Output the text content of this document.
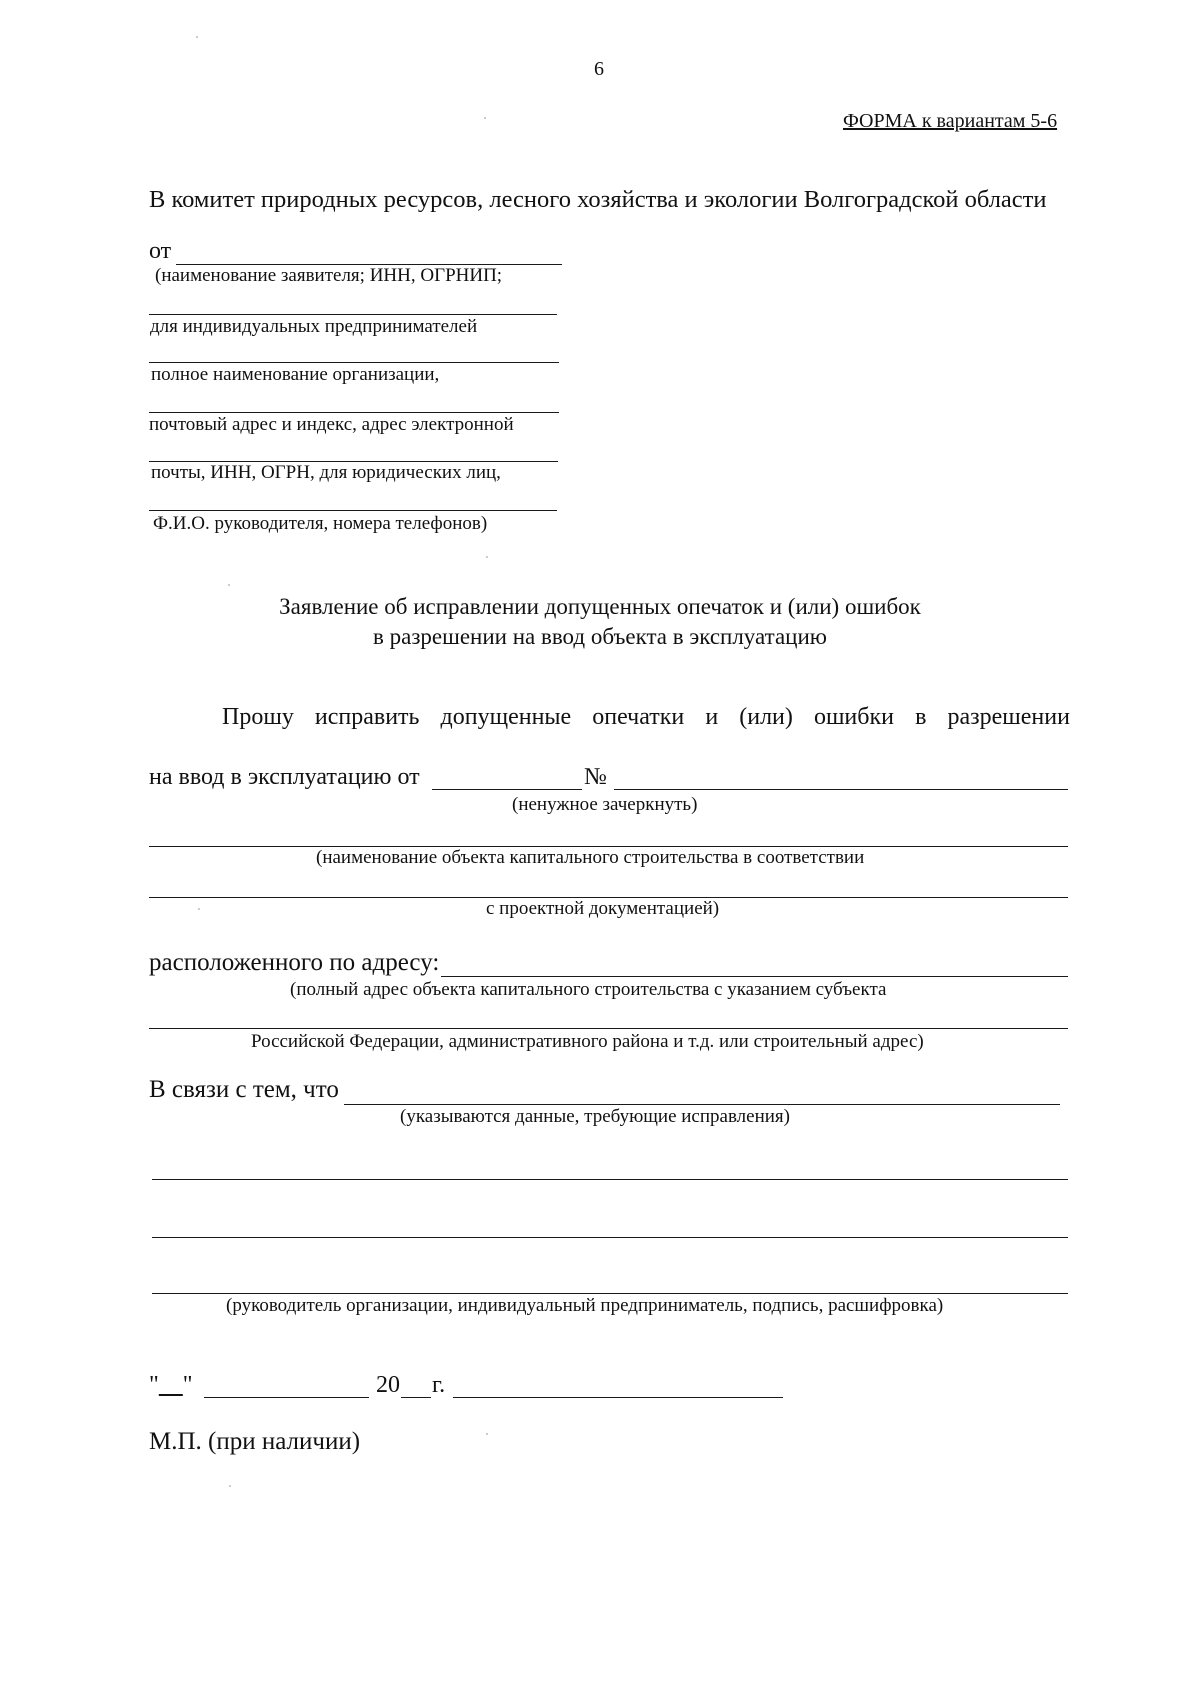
6
ФОРМА к вариантам 5-6
В комитет природных ресурсов, лесного хозяйства и экологии Волгоградской области
от
(наименование заявителя; ИНН, ОГРНИП;
для индивидуальных предпринимателей
полное наименование организации,
почтовый адрес и индекс, адрес электронной
почты, ИНН, ОГРН, для юридических лиц,
Ф.И.О. руководителя, номера телефонов)
Заявление об исправлении допущенных опечаток и (или) ошибок
в разрешении на ввод объекта в эксплуатацию
Прошу исправить допущенные опечатки и (или) ошибки в разрешении
на ввод в эксплуатацию от	№
(ненужное зачеркнуть)
(наименование объекта капитального строительства в соответствии
с проектной документацией)
расположенного по адресу:
(полный адрес объекта капитального строительства с указанием субъекта
Российской Федерации, административного района и т.д. или строительный адрес)
В связи с тем, что
(указываются данные, требующие исправления)
(руководитель организации, индивидуальный предприниматель, подпись, расшифровка)
" "	20 г.
М.П. (при наличии)
